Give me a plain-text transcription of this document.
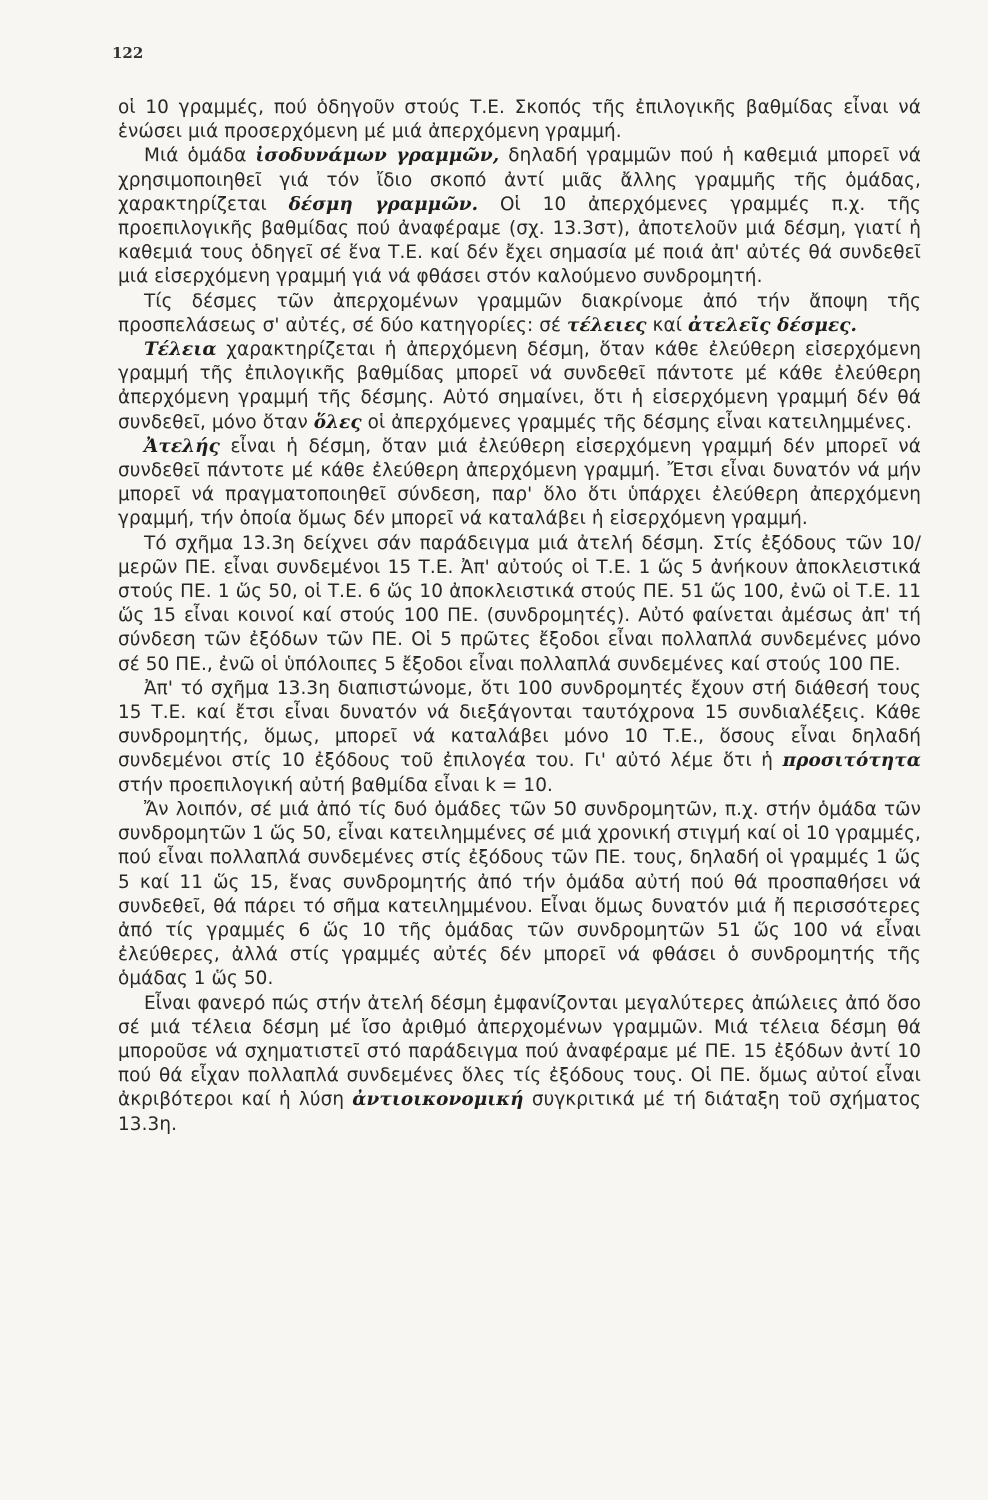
122

οἱ 10 γραμμές, πού ὁδηγοῦν στούς Τ.Ε. Σκοπός τῆς ἐπιλογικῆς βαθμίδας εἶναι νά ἑνώσει μιά προσερχόμενη μέ μιά ἀπερχόμενη γραμμή.

Μιά ὁμάδα ἰσοδυνάμων γραμμῶν, δηλαδή γραμμῶν πού ἡ καθεμιά μπορεῖ νά χρησιμοποιηθεῖ γιά τόν ἴδιο σκοπό ἀντί μιᾶς ἄλλης γραμμῆς τῆς ὁμάδας, χαρακτηρίζεται δέσμη γραμμῶν. Οἱ 10 ἀπερχόμενες γραμμές π.χ. τῆς προεπιλογικῆς βαθμίδας πού ἀναφέραμε (σχ. 13.3στ), ἀποτελοῦν μιά δέσμη, γιατί ἡ καθεμιά τους ὁδηγεῖ σέ ἕνα Τ.Ε. καί δέν ἔχει σημασία μέ ποιά ἀπ' αὐτές θά συνδεθεῖ μιά εἰσερχόμενη γραμμή γιά νά φθάσει στόν καλούμενο συνδρομητή.

Τίς δέσμες τῶν ἀπερχομένων γραμμῶν διακρίνομε ἀπό τήν ἄποψη τῆς προσπελάσεως σ' αὐτές, σέ δύο κατηγορίες: σέ τέλειες καί ἀτελεῖς δέσμες.

Τέλεια χαρακτηρίζεται ἡ ἀπερχόμενη δέσμη, ὅταν κάθε ἐλεύθερη εἰσερχόμενη γραμμή τῆς ἐπιλογικῆς βαθμίδας μπορεῖ νά συνδεθεῖ πάντοτε μέ κάθε ἐλεύθερη ἀπερχόμενη γραμμή τῆς δέσμης. Αὐτό σημαίνει, ὅτι ἡ εἰσερχόμενη γραμμή δέν θά συνδεθεῖ, μόνο ὅταν ὅλες οἱ ἀπερχόμενες γραμμές τῆς δέσμης εἶναι κατειλημμένες.

Ἀτελής εἶναι ἡ δέσμη, ὅταν μιά ἐλεύθερη εἰσερχόμενη γραμμή δέν μπορεῖ νά συνδεθεῖ πάντοτε μέ κάθε ἐλεύθερη ἀπερχόμενη γραμμή. Ἔτσι εἶναι δυνατόν νά μήν μπορεῖ νά πραγματοποιηθεῖ σύνδεση, παρ' ὅλο ὅτι ὑπάρχει ἐλεύθερη ἀπερχόμενη γραμμή, τήν ὁποία ὅμως δέν μπορεῖ νά καταλάβει ἡ εἰσερχόμενη γραμμή.

Τό σχῆμα 13.3η δείχνει σάν παράδειγμα μιά ἀτελή δέσμη. Στίς ἐξόδους τῶν 10/μερῶν ΠΕ. εἶναι συνδεμένοι 15 Τ.Ε. Ἀπ' αὐτούς οἱ Τ.Ε. 1 ὥς 5 ἀνήκουν ἀποκλειστικά στούς ΠΕ. 1 ὥς 50, οἱ Τ.Ε. 6 ὥς 10 ἀποκλειστικά στούς ΠΕ. 51 ὥς 100, ἐνῶ οἱ Τ.Ε. 11 ὥς 15 εἶναι κοινοί καί στούς 100 ΠΕ. (συνδρομητές). Αὐτό φαίνεται ἀμέσως ἀπ' τή σύνδεση τῶν ἐξόδων τῶν ΠΕ. Οἱ 5 πρῶτες ἔξοδοι εἶναι πολλαπλά συνδεμένες μόνο σέ 50 ΠΕ., ἐνῶ οἱ ὑπόλοιπες 5 ἔξοδοι εἶναι πολλαπλά συνδεμένες καί στούς 100 ΠΕ.

Ἀπ' τό σχῆμα 13.3η διαπιστώνομε, ὅτι 100 συνδρομητές ἔχουν στή διάθεσή τους 15 Τ.Ε. καί ἔτσι εἶναι δυνατόν νά διεξάγονται ταυτόχρονα 15 συνδιαλέξεις. Κάθε συνδρομητής, ὅμως, μπορεῖ νά καταλάβει μόνο 10 Τ.Ε., ὅσους εἶναι δηλαδή συνδεμένοι στίς 10 ἐξόδους τοῦ ἐπιλογέα του. Γι' αὐτό λέμε ὅτι ἡ προσιτότητα στήν προεπιλογική αὐτή βαθμίδα εἶναι k = 10.

Ἄν λοιπόν, σέ μιά ἀπό τίς δυό ὁμάδες τῶν 50 συνδρομητῶν, π.χ. στήν ὁμάδα τῶν συνδρομητῶν 1 ὥς 50, εἶναι κατειλημμένες σέ μιά χρονική στιγμή καί οἱ 10 γραμμές, πού εἶναι πολλαπλά συνδεμένες στίς ἐξόδους τῶν ΠΕ. τους, δηλαδή οἱ γραμμές 1 ὥς 5 καί 11 ὥς 15, ἕνας συνδρομητής ἀπό τήν ὁμάδα αὐτή πού θά προσπαθήσει νά συνδεθεῖ, θά πάρει τό σῆμα κατειλημμένου. Εἶναι ὅμως δυνατόν μιά ἤ περισσότερες ἀπό τίς γραμμές 6 ὥς 10 τῆς ὁμάδας τῶν συνδρομητῶν 51 ὥς 100 νά εἶναι ἐλεύθερες, ἀλλά στίς γραμμές αὐτές δέν μπορεῖ νά φθάσει ὁ συνδρομητής τῆς ὁμάδας 1 ὥς 50.

Εἶναι φανερό πώς στήν ἀτελή δέσμη ἐμφανίζονται μεγαλύτερες ἀπώλειες ἀπό ὅσο σέ μιά τέλεια δέσμη μέ ἴσο ἀριθμό ἀπερχομένων γραμμῶν. Μιά τέλεια δέσμη θά μποροῦσε νά σχηματιστεῖ στό παράδειγμα πού ἀναφέραμε μέ ΠΕ. 15 ἐξόδων ἀντί 10 πού θά εἶχαν πολλαπλά συνδεμένες ὅλες τίς ἐξόδους τους. Οἱ ΠΕ. ὅμως αὐτοί εἶναι ἀκριβότεροι καί ἡ λύση ἀντιοικονομική συγκριτικά μέ τή διάταξη τοῦ σχήματος 13.3η.
